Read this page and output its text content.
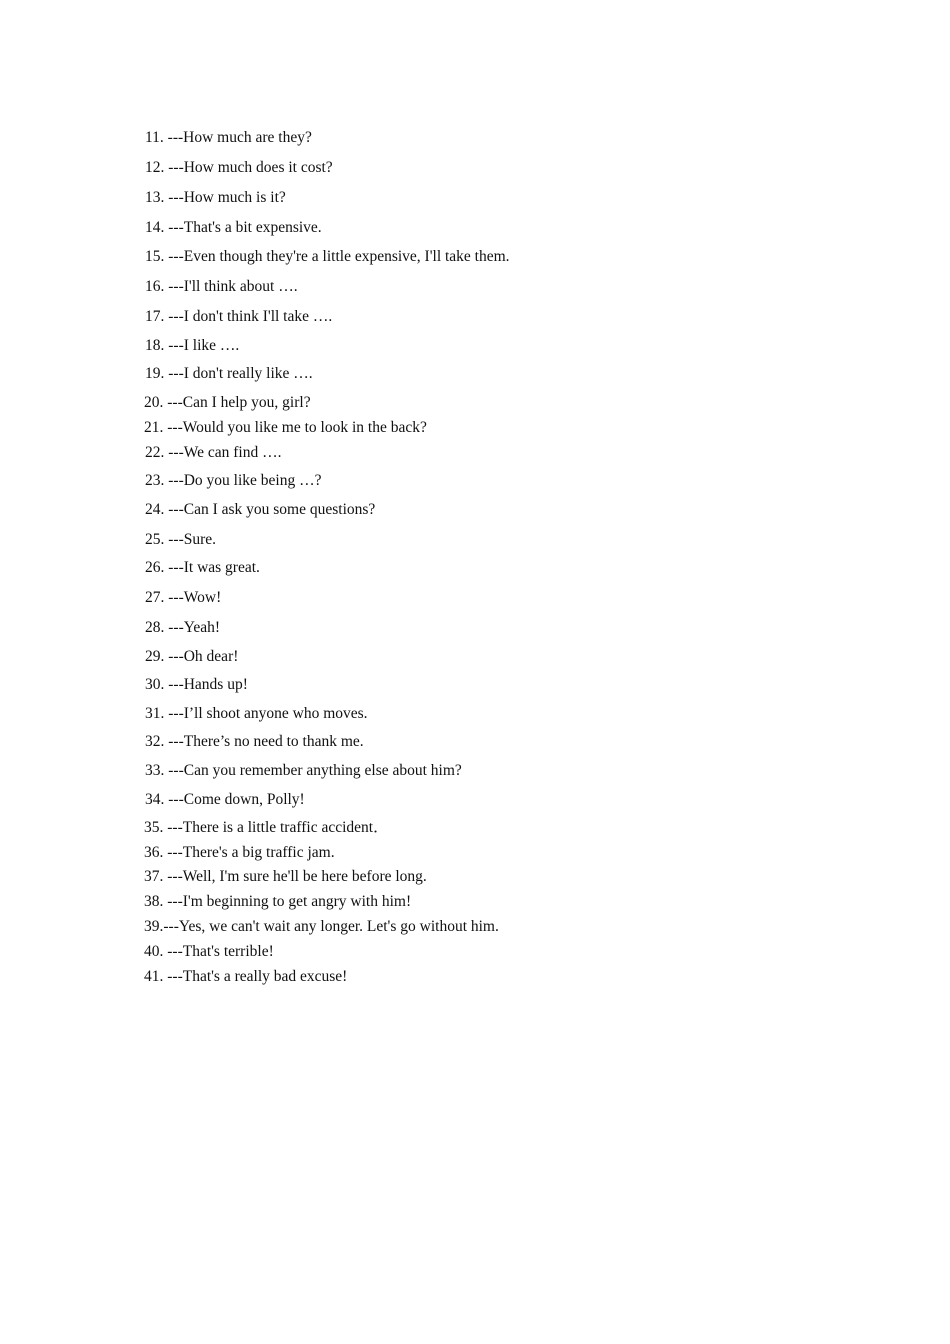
11. ---How much are they?
12. ---How much does it cost?
13. ---How much is it?
14. ---That's a bit expensive.
15. ---Even though they're a little expensive, I'll take them.
16. ---I'll think about ….
17. ---I don't think I'll take ….
18. ---I like ….
19. ---I don't really like ….
20. ---Can I help you, girl?
21. ---Would you like me to look in the back?
22. ---We can find ….
23. ---Do you like being …?
24. ---Can I ask you some questions?
25. ---Sure.
26. ---It was great.
27. ---Wow!
28. ---Yeah!
29. ---Oh dear!
30. ---Hands up!
31. ---I’ll shoot anyone who moves.
32. ---There’s no need to thank me.
33. ---Can you remember anything else about him?
34. ---Come down, Polly!
35. ---There is a little traffic accident．
36. ---There's a big traffic jam.
37. ---Well, I'm sure he'll be here before long.
38. ---I'm beginning to get angry with him!
39.---Yes, we can't wait any longer. Let's go without him.
40. ---That's terrible!
41. ---That's a really bad excuse!
